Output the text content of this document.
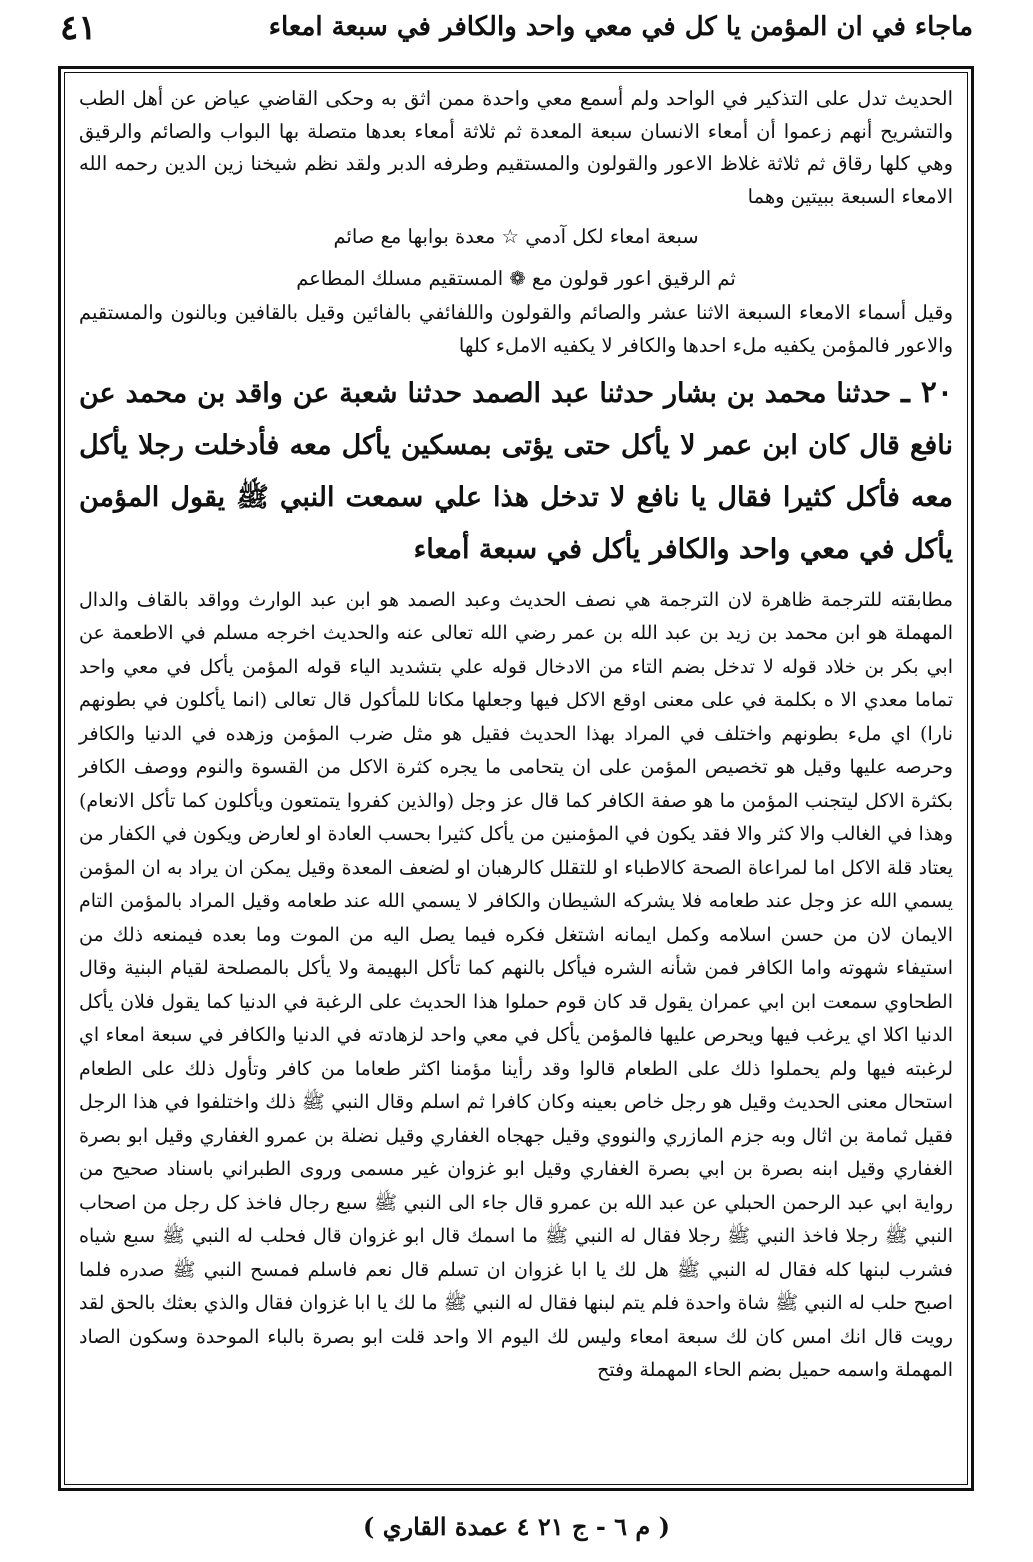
ماجاء في ان المؤمن يا كل في معي واحد والكافر في سبعة امعاء
٤١

الحديث تدل على التذكير في الواحد ولم أسمع معي واحدة ممن اثق به وحكى القاضي عياض عن أهل الطب والتشريح أنهم زعموا أن أمعاء الانسان سبعة المعدة ثم ثلاثة أمعاء بعدها متصلة بها البواب والصائم والرقيق وهي كلها رقاق ثم ثلاثة غلاظ الاعور والقولون والمستقيم وطرفه الدبر ولقد نظم شيخنا زين الدين رحمه الله الامعاء السبعة ببيتين وهما

سبعة امعاء لكل آدمي ☆ معدة بوابها مع صائم

ثم الرقيق اعور قولون مع ❁ المستقيم مسلك المطاعم

وقيل أسماء الامعاء السبعة الاثنا عشر والصائم والقولون واللفائفي بالفائين وقيل بالقافين وبالنون والمستقيم والاعور فالمؤمن يكفيه ملء احدها والكافر لا يكفيه الاملء كلها

٢٠ ـ حدثنا محمد بن بشار حدثنا عبد الصمد حدثنا شعبة عن واقد بن محمد عن نافع قال كان ابن عمر لا يأكل حتى يؤتى بمسكين يأكل معه فأدخلت رجلا يأكل معه فأكل كثيرا فقال يا نافع لا تدخل هذا علي سمعت النبي ﷺ يقول المؤمن يأكل في معي واحد والكافر يأكل في سبعة أمعاء

مطابقته للترجمة ظاهرة لان الترجمة هي نصف الحديث وعبد الصمد هو ابن عبد الوارث وواقد بالقاف والدال المهملة هو ابن محمد بن زيد بن عبد الله بن عمر رضي الله تعالى عنه والحديث اخرجه مسلم في الاطعمة عن ابي بكر بن خلاد قوله لا تدخل بضم التاء من الادخال قوله علي بتشديد الياء قوله المؤمن يأكل في معي واحد تماما معدي الا ه بكلمة في على معنى اوقع الاكل فيها وجعلها مكانا للمأكول قال تعالى (انما يأكلون في بطونهم نارا) اي ملء بطونهم واختلف في المراد بهذا الحديث فقيل هو مثل ضرب المؤمن وزهده في الدنيا والكافر وحرصه عليها وقيل هو تخصيص المؤمن على ان يتحامى ما يجره كثرة الاكل من القسوة والنوم ووصف الكافر بكثرة الاكل ليتجنب المؤمن ما هو صفة الكافر كما قال عز وجل (والذين كفروا يتمتعون ويأكلون كما تأكل الانعام) وهذا في الغالب والا كثر والا فقد يكون في المؤمنين من يأكل كثيرا بحسب العادة او لعارض ويكون في الكفار من يعتاد قلة الاكل اما لمراعاة الصحة كالاطباء او للتقلل كالرهبان او لضعف المعدة وقيل يمكن ان يراد به ان المؤمن يسمي الله عز وجل عند طعامه فلا يشركه الشيطان والكافر لا يسمي الله عند طعامه وقيل المراد بالمؤمن التام الايمان لان من حسن اسلامه وكمل ايمانه اشتغل فكره فيما يصل اليه من الموت وما بعده فيمنعه ذلك من استيفاء شهوته واما الكافر فمن شأنه الشره فيأكل بالنهم كما تأكل البهيمة ولا يأكل بالمصلحة لقيام البنية وقال الطحاوي سمعت ابن ابي عمران يقول قد كان قوم حملوا هذا الحديث على الرغبة في الدنيا كما يقول فلان يأكل الدنيا اكلا اي يرغب فيها ويحرص عليها فالمؤمن يأكل في معي واحد لزهادته في الدنيا والكافر في سبعة امعاء اي لرغبته فيها ولم يحملوا ذلك على الطعام قالوا وقد رأينا مؤمنا اكثر طعاما من كافر وتأول ذلك على الطعام استحال معنى الحديث وقيل هو رجل خاص بعينه وكان كافرا ثم اسلم وقال النبي ﷺ ذلك واختلفوا في هذا الرجل فقيل ثمامة بن اثال وبه جزم المازري والنووي وقيل جهجاه الغفاري وقيل نضلة بن عمرو الغفاري وقيل ابو بصرة الغفاري وقيل ابنه بصرة بن ابي بصرة الغفاري وقيل ابو غزوان غير مسمى وروى الطبراني باسناد صحيح من رواية ابي عبد الرحمن الحبلي عن عبد الله بن عمرو قال جاء الى النبي ﷺ سبع رجال فاخذ كل رجل من اصحاب النبي ﷺ رجلا فاخذ النبي ﷺ رجلا فقال له النبي ﷺ ما اسمك قال ابو غزوان قال فحلب له النبي ﷺ سبع شياه فشرب لبنها كله فقال له النبي ﷺ هل لك يا ابا غزوان ان تسلم قال نعم فاسلم فمسح النبي ﷺ صدره فلما اصبح حلب له النبي ﷺ شاة واحدة فلم يتم لبنها فقال له النبي ﷺ ما لك يا ابا غزوان فقال والذي بعثك بالحق لقد رويت قال انك امس كان لك سبعة امعاء وليس لك اليوم الا واحد قلت ابو بصرة بالباء الموحدة وسكون الصاد المهملة واسمه حميل بضم الحاء المهملة وفتح

( م ٦ - ج ٢١ ٤ عمدة القاري )
